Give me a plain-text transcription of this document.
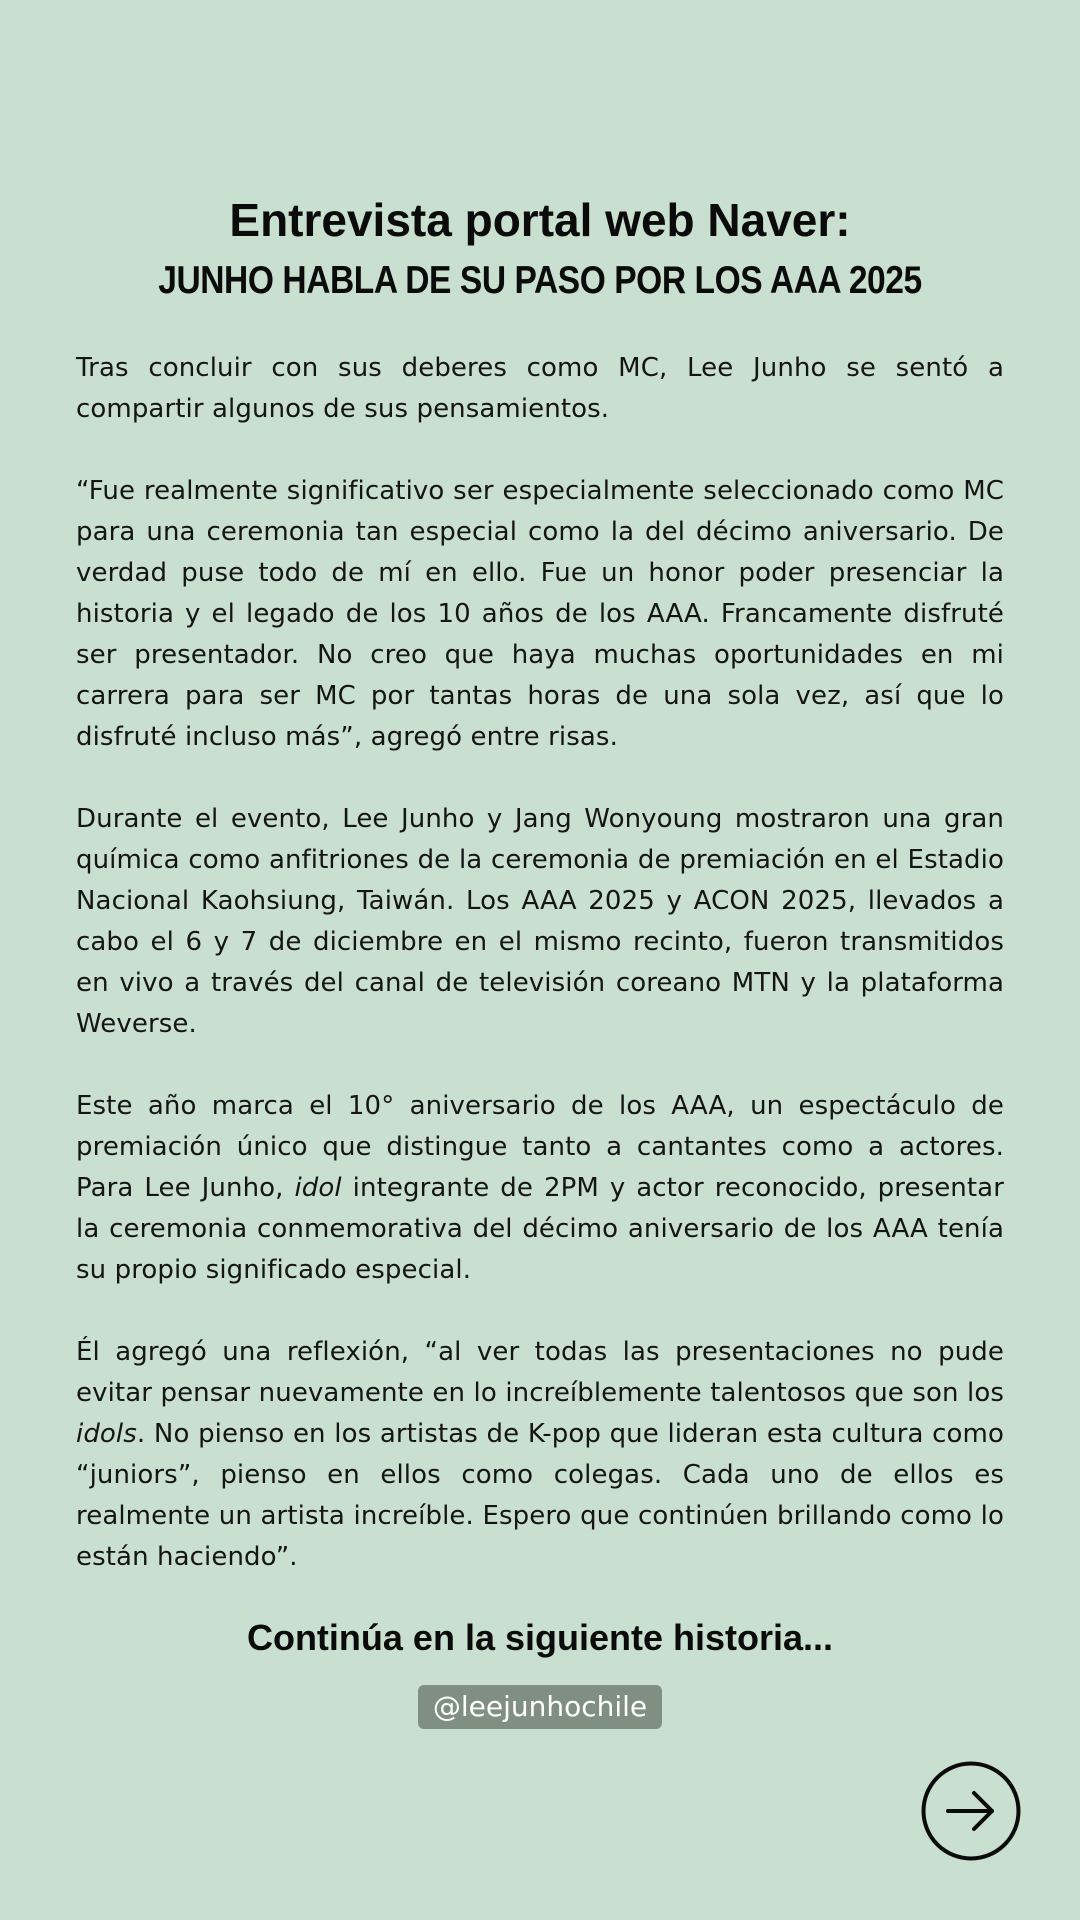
Entrevista portal web Naver:
JUNHO HABLA DE SU PASO POR LOS AAA 2025

Tras concluir con sus deberes como MC, Lee Junho se sentó a compartir algunos de sus pensamientos.

“Fue realmente significativo ser especialmente seleccionado como MC para una ceremonia tan especial como la del décimo aniversario. De verdad puse todo de mí en ello. Fue un honor poder presenciar la historia y el legado de los 10 años de los AAA. Francamente disfruté ser presentador. No creo que haya muchas oportunidades en mi carrera para ser MC por tantas horas de una sola vez, así que lo disfruté incluso más”, agregó entre risas.

Durante el evento, Lee Junho y Jang Wonyoung mostraron una gran química como anfitriones de la ceremonia de premiación en el Estadio Nacional Kaohsiung, Taiwán. Los AAA 2025 y ACON 2025, llevados a cabo el 6 y 7 de diciembre en el mismo recinto, fueron transmitidos en vivo a través del canal de televisión coreano MTN y la plataforma Weverse.

Este año marca el 10° aniversario de los AAA, un espectáculo de premiación único que distingue tanto a cantantes como a actores. Para Lee Junho, idol integrante de 2PM y actor reconocido, presentar la ceremonia conmemorativa del décimo aniversario de los AAA tenía su propio significado especial.

Él agregó una reflexión, “al ver todas las presentaciones no pude evitar pensar nuevamente en lo increíblemente talentosos que son los idols. No pienso en los artistas de K-pop que lideran esta cultura como “juniors”, pienso en ellos como colegas. Cada uno de ellos es realmente un artista increíble. Espero que continúen brillando como lo están haciendo”.

Continúa en la siguiente historia...
@leejunhochile
